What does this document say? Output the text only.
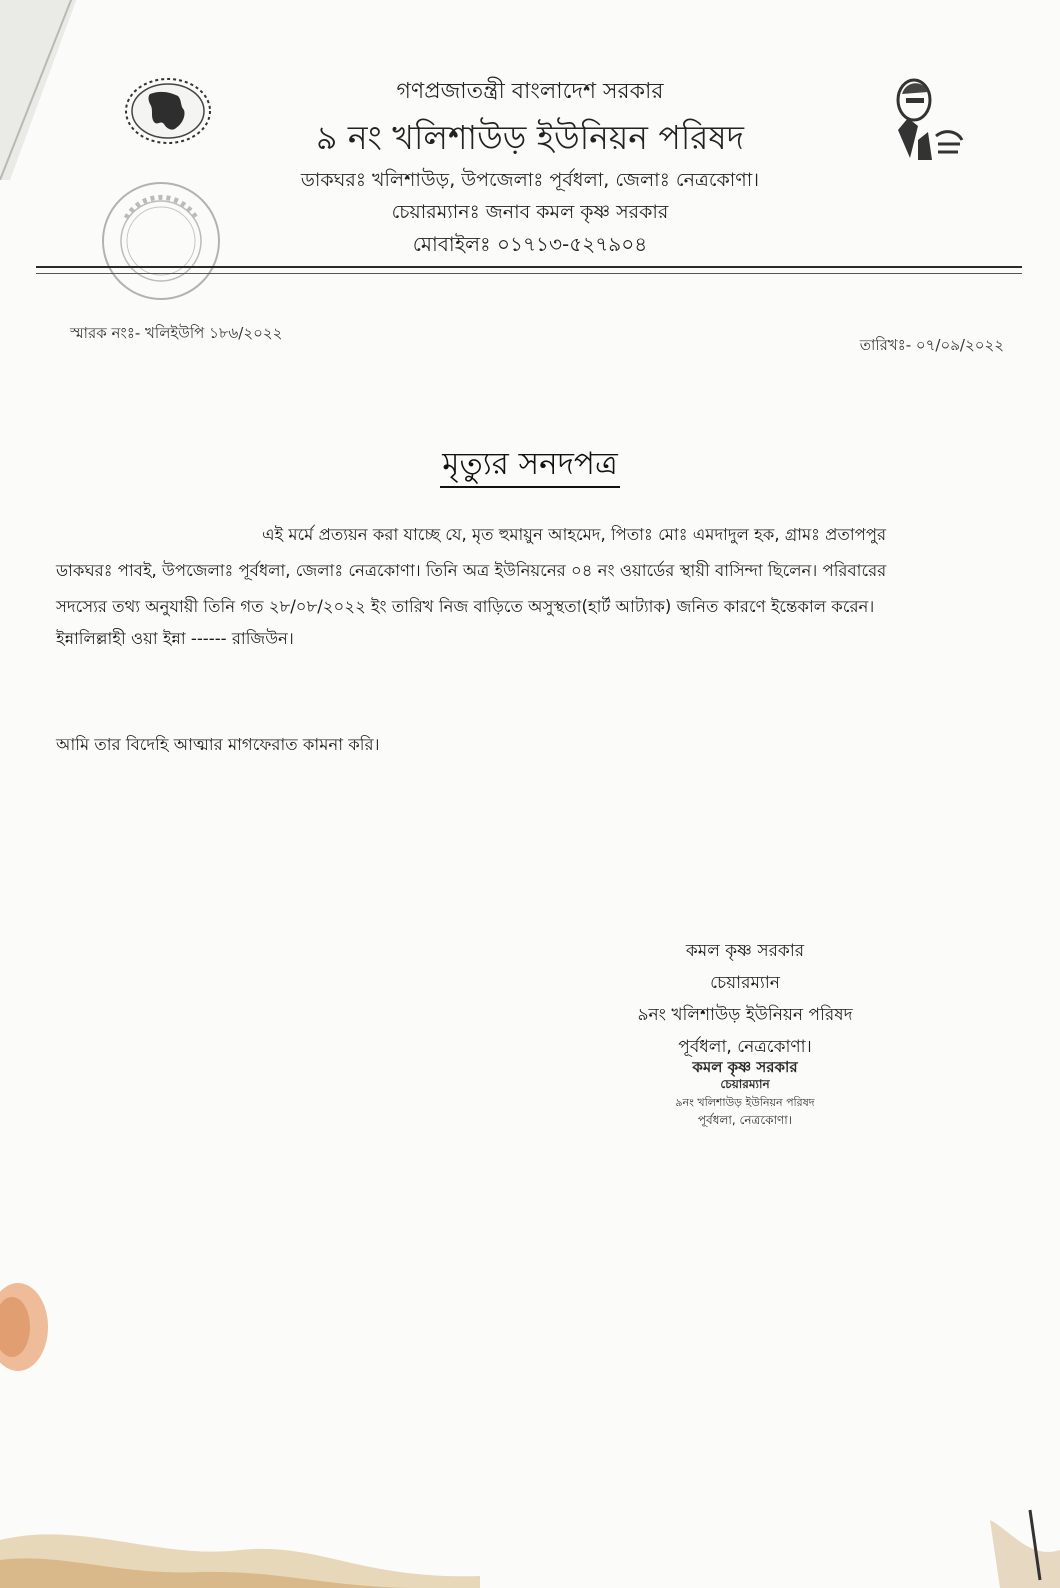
গণপ্রজাতন্ত্রী বাংলাদেশ সরকার
৯ নং খলিশাউড় ইউনিয়ন পরিষদ
ডাকঘরঃ খলিশাউড়, উপজেলাঃ পূর্বধলা, জেলাঃ নেত্রকোণা।
চেয়ারম্যানঃ জনাব কমল কৃষ্ণ সরকার
মোবাইলঃ ০১৭১৩-৫২৭৯০৪
স্মারক নংঃ- খলিইউপি ১৮৬/২০২২
তারিখঃ- ০৭/০৯/২০২২
মৃত্যুর সনদপত্র
এই মর্মে প্রত্যয়ন করা যাচ্ছে যে, মৃত হুমায়ুন আহমেদ, পিতাঃ মোঃ এমদাদুল হক, গ্রামঃ প্রতাপপুর
ডাকঘরঃ পাবই, উপজেলাঃ পূর্বধলা, জেলাঃ নেত্রকোণা। তিনি অত্র ইউনিয়নের ০৪ নং ওয়ার্ডের স্থায়ী বাসিন্দা ছিলেন। পরিবারের
সদস্যের তথ্য অনুযায়ী তিনি গত ২৮/০৮/২০২২ ইং তারিখ নিজ বাড়িতে অসুস্থতা(হার্ট আট্যাক) জনিত কারণে ইন্তেকাল করেন।
ইন্নালিল্লাহী ওয়া ইন্না ------ রাজিউন।
আমি তার বিদেহি আত্মার মাগফেরাত কামনা করি।
কমল কৃষ্ণ সরকার
চেয়ারম্যান
৯নং খলিশাউড় ইউনিয়ন পরিষদ
পূর্বধলা, নেত্রকোণা।
কমল কৃষ্ণ সরকার
চেয়ারম্যান
৯নং খলিশাউড় ইউনিয়ন পরিষদ
পূর্বধলা, নেত্রকোণা।
